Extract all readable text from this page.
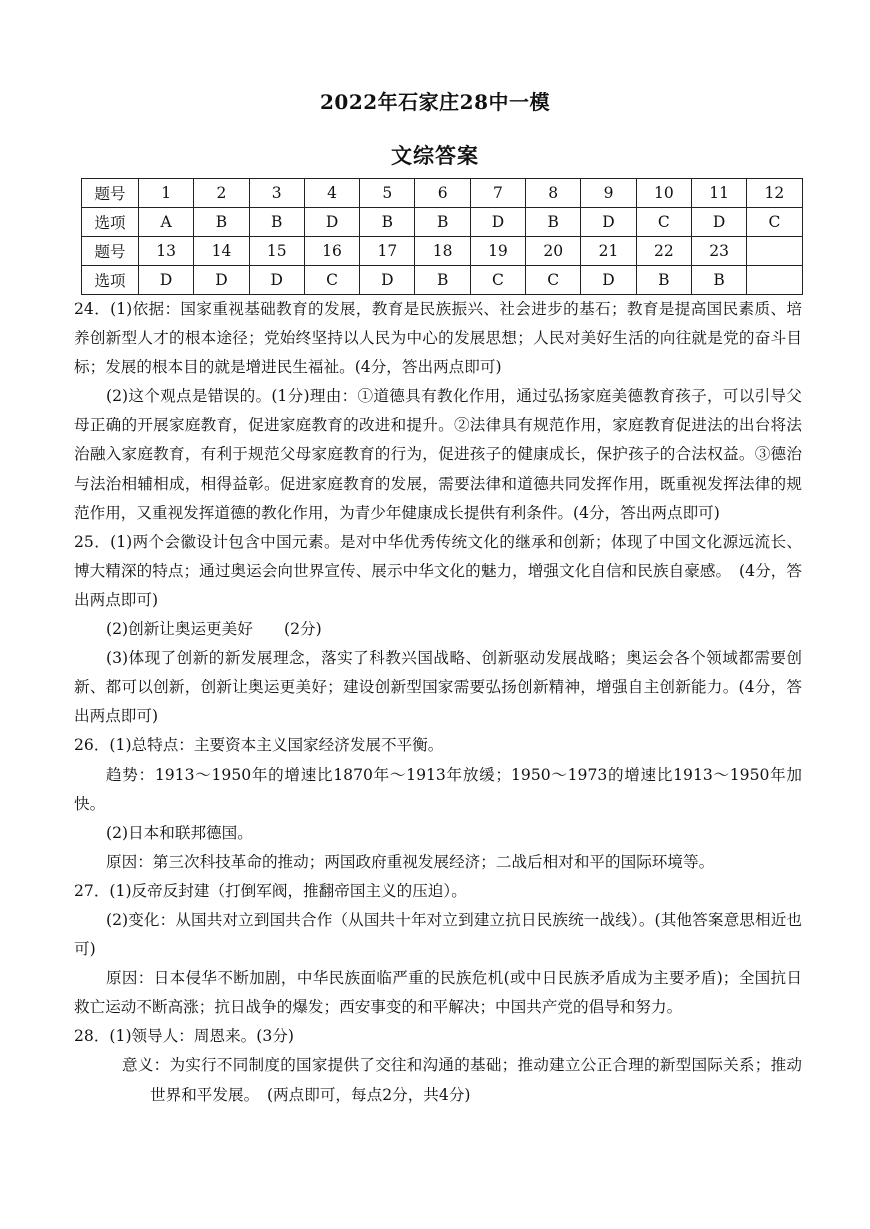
2022年石家庄28中一模
文综答案
题号	1	2	3	4	5	6	7	8	9	10	11	12
选项	A	B	B	D	B	B	D	B	D	C	D	C
题号	13	14	15	16	17	18	19	20	21	22	23	
选项	D	D	D	C	D	B	C	C	D	B	B	

24．(1)依据：国家重视基础教育的发展，教育是民族振兴、社会进步的基石；教育是提高国民素质、培养创新型人才的根本途径；党始终坚持以人民为中心的发展思想；人民对美好生活的向往就是党的奋斗目标；发展的根本目的就是增进民生福祉。(4分，答出两点即可)

(2)这个观点是错误的。(1分)理由：①道德具有教化作用，通过弘扬家庭美德教育孩子，可以引导父母正确的开展家庭教育，促进家庭教育的改进和提升。②法律具有规范作用，家庭教育促进法的出台将法治融入家庭教育，有利于规范父母家庭教育的行为，促进孩子的健康成长，保护孩子的合法权益。③德治与法治相辅相成，相得益彰。促进家庭教育的发展，需要法律和道德共同发挥作用，既重视发挥法律的规范作用，又重视发挥道德的教化作用，为青少年健康成长提供有利条件。(4分，答出两点即可)

25．(1)两个会徽设计包含中国元素。是对中华优秀传统文化的继承和创新；体现了中国文化源远流长、博大精深的特点；通过奥运会向世界宣传、展示中华文化的魅力，增强文化自信和民族自豪感。　(4分，答出两点即可)

(2)创新让奥运更美好　　(2分)

(3)体现了创新的新发展理念，落实了科教兴国战略、创新驱动发展战略；奥运会各个领域都需要创新、都可以创新，创新让奥运更美好；建设创新型国家需要弘扬创新精神，增强自主创新能力。(4分，答出两点即可)

26．(1)总特点：主要资本主义国家经济发展不平衡。

趋势：1913～1950年的增速比1870年～1913年放缓；1950～1973的增速比1913～1950年加快。

(2)日本和联邦德国。

原因：第三次科技革命的推动；两国政府重视发展经济；二战后相对和平的国际环境等。

27．(1)反帝反封建（打倒军阀，推翻帝国主义的压迫）。

(2)变化：从国共对立到国共合作（从国共十年对立到建立抗日民族统一战线）。(其他答案意思相近也可)

原因：日本侵华不断加剧，中华民族面临严重的民族危机(或中日民族矛盾成为主要矛盾)；全国抗日救亡运动不断高涨；抗日战争的爆发；西安事变的和平解决；中国共产党的倡导和努力。

28．(1)领导人：周恩来。(3分)

意义：为实行不同制度的国家提供了交往和沟通的基础；推动建立公正合理的新型国际关系；推动世界和平发展。　(两点即可，每点2分，共4分)
